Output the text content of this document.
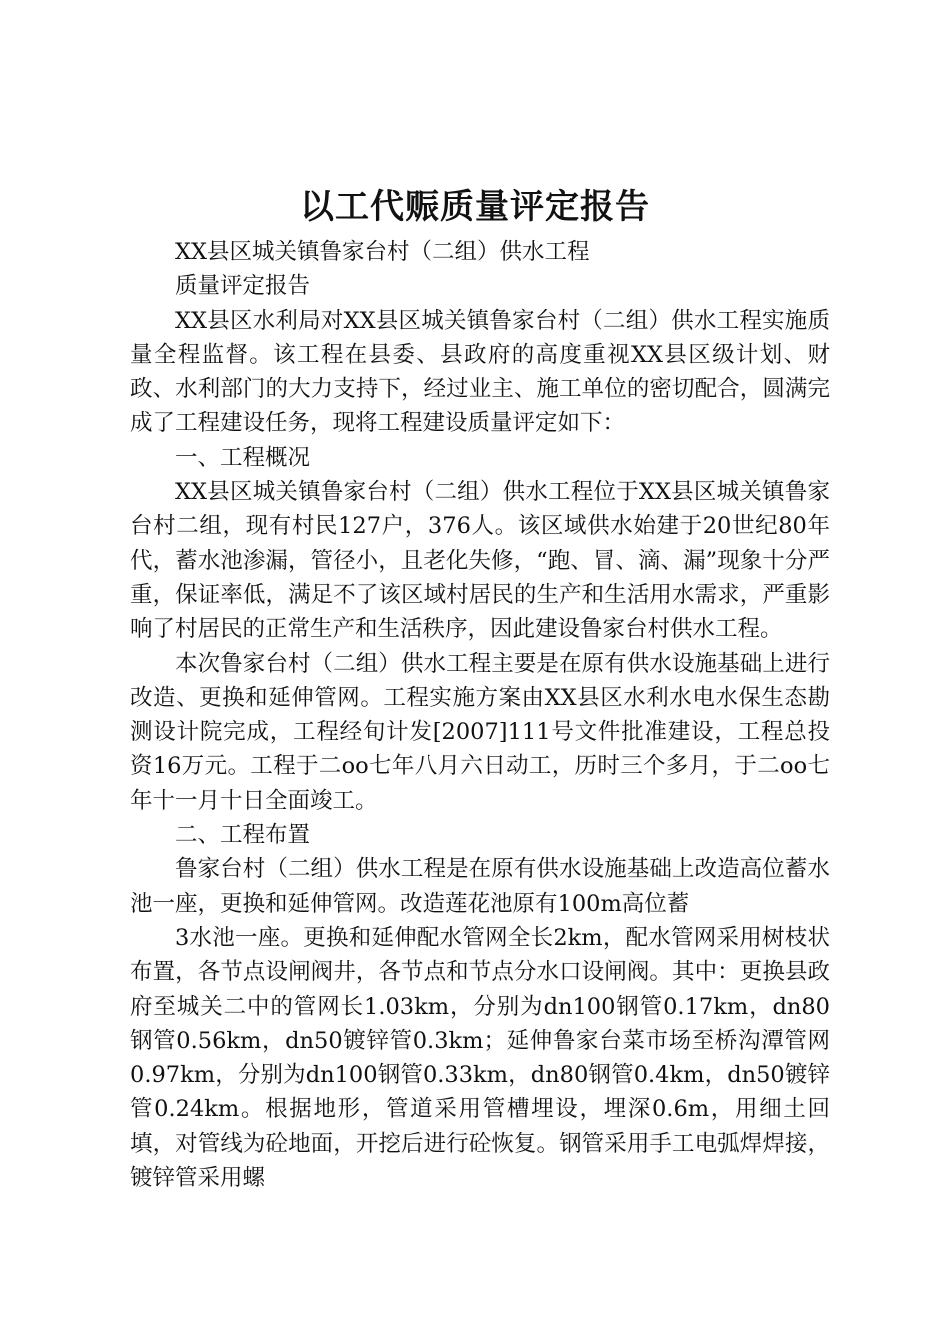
以工代赈质量评定报告

XX县区城关镇鲁家台村（二组）供水工程

质量评定报告

XX县区水利局对XX县区城关镇鲁家台村（二组）供水工程实施质量全程监督。该工程在县委、县政府的高度重视XX县区级计划、财政、水利部门的大力支持下，经过业主、施工单位的密切配合，圆满完成了工程建设任务，现将工程建设质量评定如下：

一、工程概况

XX县区城关镇鲁家台村（二组）供水工程位于XX县区城关镇鲁家台村二组，现有村民127户，376人。该区域供水始建于20世纪80年代，蓄水池渗漏，管径小，且老化失修，“跑、冒、滴、漏”现象十分严重，保证率低，满足不了该区域村居民的生产和生活用水需求，严重影响了村居民的正常生产和生活秩序，因此建设鲁家台村供水工程。

本次鲁家台村（二组）供水工程主要是在原有供水设施基础上进行改造、更换和延伸管网。工程实施方案由XX县区水利水电水保生态勘测设计院完成，工程经旬计发[2007]111号文件批准建设，工程总投资16万元。工程于二oo七年八月六日动工，历时三个多月，于二oo七年十一月十日全面竣工。

二、工程布置

鲁家台村（二组）供水工程是在原有供水设施基础上改造高位蓄水池一座，更换和延伸管网。改造莲花池原有100m高位蓄

3水池一座。更换和延伸配水管网全长2km，配水管网采用树枝状布置，各节点设闸阀井，各节点和节点分水口设闸阀。其中：更换县政府至城关二中的管网长1.03km，分别为dn100钢管0.17km，dn80钢管0.56km，dn50镀锌管0.3km；延伸鲁家台菜市场至桥沟潭管网0.97km，分别为dn100钢管0.33km，dn80钢管0.4km，dn50镀锌管0.24km。根据地形，管道采用管槽埋设，埋深0.6m，用细土回填，对管线为砼地面，开挖后进行砼恢复。钢管采用手工电弧焊焊接，镀锌管采用螺
